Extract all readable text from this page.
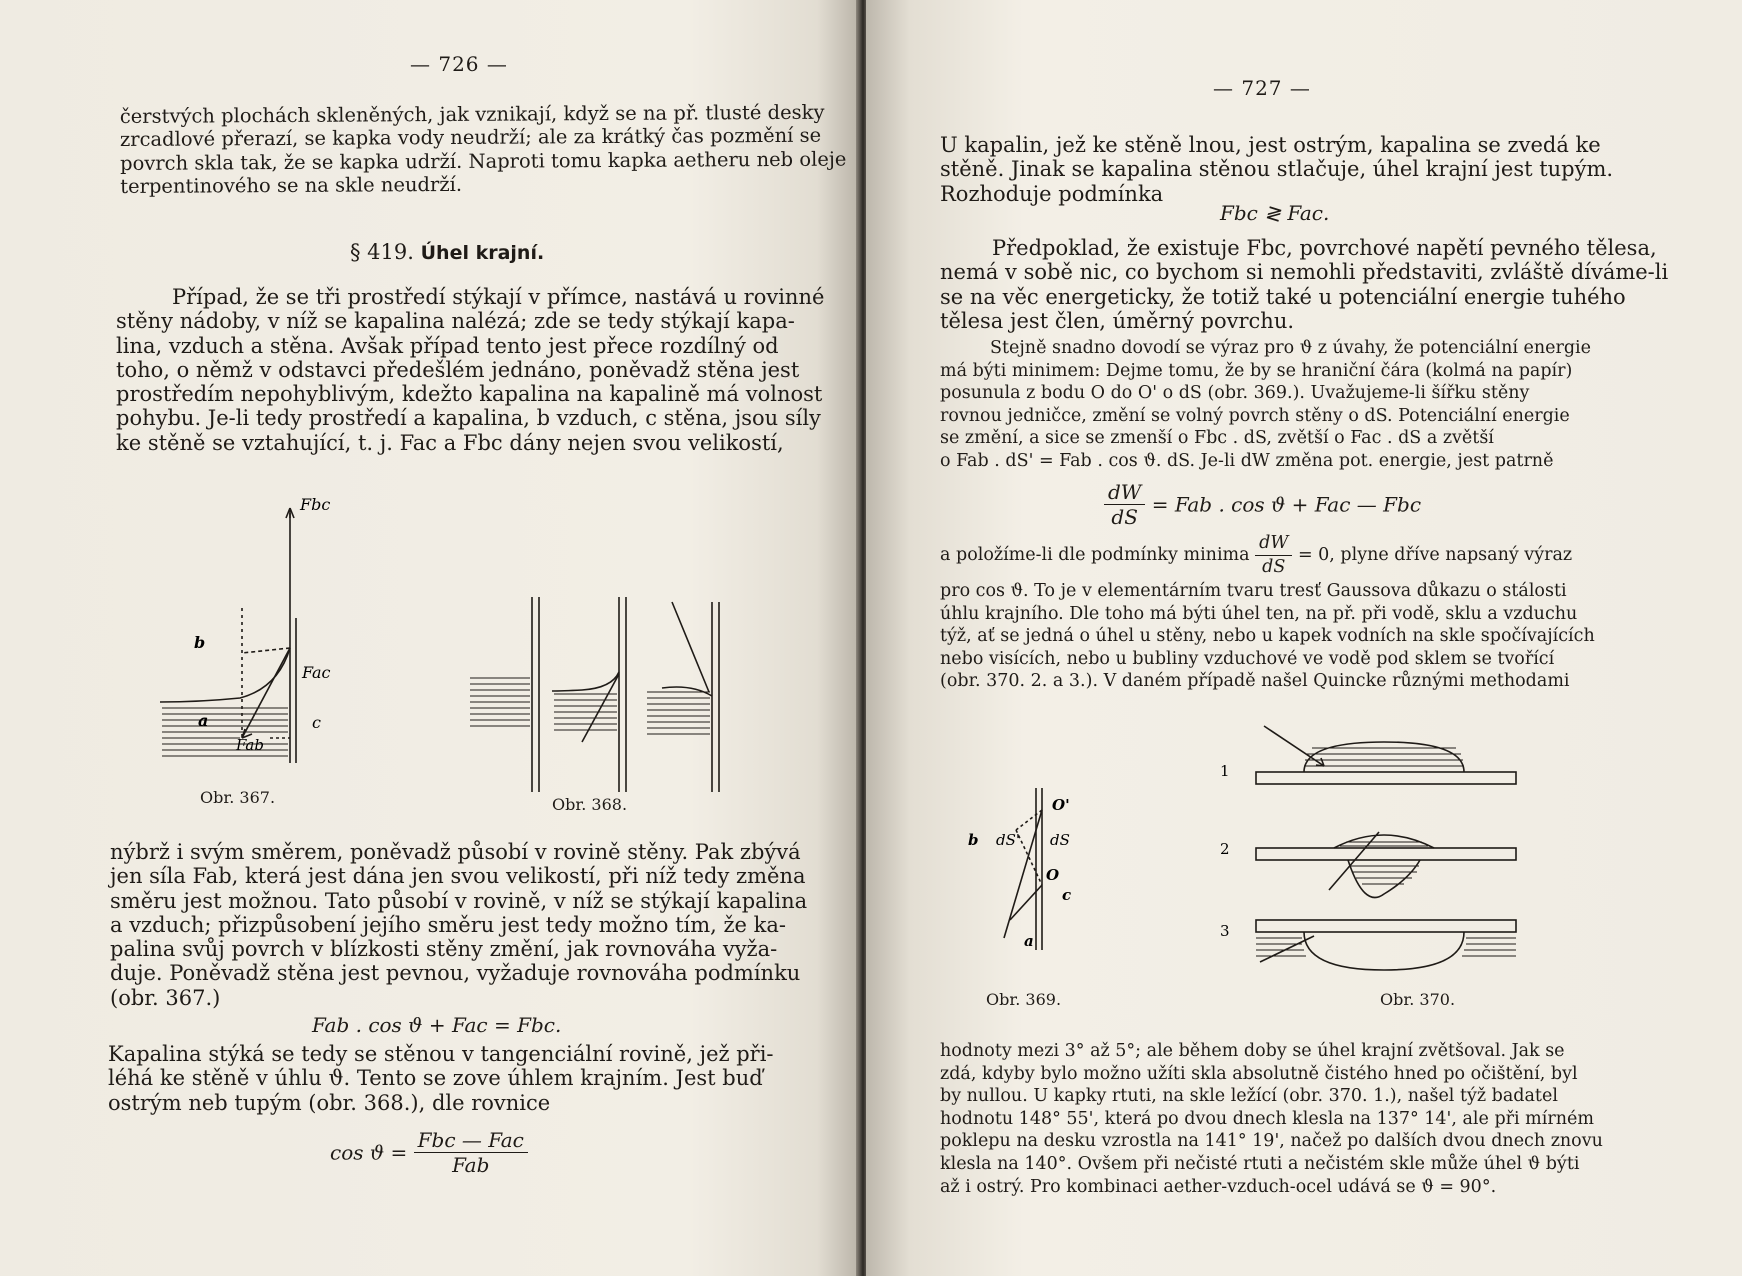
— 726 —
čerstvých plochách skleněných, jak vznikají, když se na př. tlusté desky
zrcadlové přerazí, se kapka vody neudrží; ale za krátký čas pozmění se
povrch skla tak, že se kapka udrží. Naproti tomu kapka aetheru neb oleje
terpentinového se na skle neudrží.
§ 419. Úhel krajní.
Případ, že se tři prostředí stýkají v přímce, nastává u rovinné
stěny nádoby, v níž se kapalina nalézá; zde se tedy stýkají kapa-
lina, vzduch a stěna. Avšak případ tento jest přece rozdílný od
toho, o němž v odstavci předešlém jednáno, poněvadž stěna jest
prostředím nepohyblivým, kdežto kapalina na kapalině má volnost
pohybu. Je-li tedy prostředí a kapalina, b vzduch, c stěna, jsou síly
ke stěně se vztahující, t. j. Fac a Fbc dány nejen svou velikostí,
Fbc
Fac
Fab
a
b
c
Obr. 367.	Obr. 368.
nýbrž i svým směrem, poněvadž působí v rovině stěny. Pak zbývá
jen síla Fab, která jest dána jen svou velikostí, při níž tedy změna
směru jest možnou. Tato působí v rovině, v níž se stýkají kapalina
a vzduch; přizpůsobení jejího směru jest tedy možno tím, že ka-
palina svůj povrch v blízkosti stěny změní, jak rovnováha vyža-
duje. Poněvadž stěna jest pevnou, vyžaduje rovnováha podmínku
(obr. 367.)
Fab . cos ϑ + Fac = Fbc.
Kapalina stýká se tedy se stěnou v tangenciální rovině, jež při-
léhá ke stěně v úhlu ϑ. Tento se zove úhlem krajním. Jest buď
ostrým neb tupým (obr. 368.), dle rovnice
$\cos ϑ = \frac{\text{Fbc — Fac}}{\text{Fab}}$
— 727 —
U kapalin, jež ke stěně lnou, jest ostrým, kapalina se zvedá ke
stěně. Jinak se kapalina stěnou stlačuje, úhel krajní jest tupým.
Rozhoduje podmínka
Fbc ≷ Fac.
Předpoklad, že existuje Fbc, povrchové napětí pevného tělesa,
nemá v sobě nic, co bychom si nemohli představiti, zvláště díváme-li
se na věc energeticky, že totiž také u potenciální energie tuhého
tělesa jest člen, úměrný povrchu.
Stejně snadno dovodí se výraz pro ϑ z úvahy, že potenciální energie
má býti minimem: Dejme tomu, že by se hraniční čára (kolmá na papír)
posunula z bodu O do O' o dS (obr. 369.). Uvažujeme-li šířku stěny
rovnou jedničce, změní se volný povrch stěny o dS. Potenciální energie
se změní, a sice se zmenší o Fbc . dS, zvětší o Fac . dS a zvětší
o Fab . dS' = Fab . cos ϑ. dS. Je-li dW změna pot. energie, jest patrně
$\frac{dW}{dS}$ = Fab . cos ϑ + Fac — Fbc
a položíme-li dle podmínky minima $\frac{dW}{dS} = 0$, plyne dříve napsaný výraz
pro cos ϑ. To je v elementárním tvaru tresť Gaussova důkazu o stálosti
úhlu krajního. Dle toho má býti úhel ten, na př. při vodě, sklu a vzduchu
týž, ať se jedná o úhel u stěny, nebo u kapek vodních na skle spočívajících
nebo visících, nebo u bubliny vzduchové ve vodě pod sklem se tvořící
(obr. 370. 2. a 3.). V daném případě našel Quincke různými methodami
O'
dS
dS'
O
a
b
c
Obr. 369.
1
2
3
Obr. 370.
hodnoty mezi 3° až 5°; ale během doby se úhel krajní zvětšoval. Jak se
zdá, kdyby bylo možno užíti skla absolutně čistého hned po očištění, byl
by nullou. U kapky rtuti, na skle ležící (obr. 370. 1.), našel týž badatel
hodnotu 148° 55', která po dvou dnech klesla na 137° 14', ale při mírném
poklepu na desku vzrostla na 141° 19', načež po dalších dvou dnech znovu
klesla na 140°. Ovšem při nečisté rtuti a nečistém skle může úhel ϑ býti
až i ostrý. Pro kombinaci aether-vzduch-ocel udává se ϑ = 90°.
